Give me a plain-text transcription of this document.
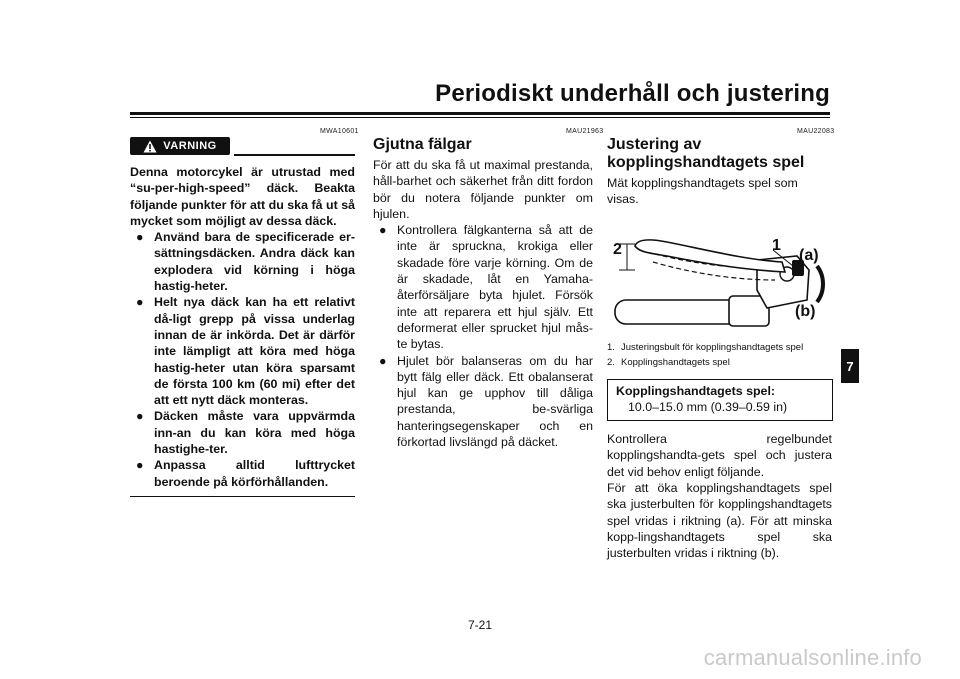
Periodiskt underhåll och justering
MWA10601
VARNING
Denna motorcykel är utrustad med “su-per-high-speed” däck. Beakta följande punkter för att du ska få ut så mycket som möjligt av dessa däck.
● Använd bara de specificerade er-sättningsdäcken. Andra däck kan explodera vid körning i höga hastig-heter.
● Helt nya däck kan ha ett relativt då-ligt grepp på vissa underlag innan de är inkörda. Det är därför inte lämpligt att köra med höga hastig-heter utan köra sparsamt de första 100 km (60 mi) efter det att ett nytt däck monteras.
● Däcken måste vara uppvärmda inn-an du kan köra med höga hastighe-ter.
● Anpassa alltid lufttrycket beroende på körförhållanden.
MAU21963
Gjutna fälgar
För att du ska få ut maximal prestanda, håll-barhet och säkerhet från ditt fordon bör du notera följande punkter om hjulen.
● Kontrollera fälgkanterna så att de inte är spruckna, krokiga eller skadade före varje körning. Om de är skadade, låt en Yamaha-återförsäljare byta hjulet. Försök inte att reparera ett hjul själv. Ett deformerat eller sprucket hjul mås-te bytas.
● Hjulet bör balanseras om du har bytt fälg eller däck. Ett obalanserat hjul kan ge upphov till dåliga prestanda, be-svärliga hanteringsegenskaper och en förkortad livslängd på däcket.
MAU22083
Justering av
kopplingshandtagets spel
Mät kopplingshandtagets spel som visas.
2	1
(a)
(b)
1. Justeringsbult för kopplingshandtagets spel
2. Kopplingshandtagets spel
Kopplingshandtagets spel:
10.0–15.0 mm (0.39–0.59 in)
Kontrollera regelbundet kopplingshandta-gets spel och justera det vid behov enligt följande.
För att öka kopplingshandtagets spel ska justerbulten för kopplingshandtagets spel vridas i riktning (a). För att minska kopp-lingshandtagets spel ska justerbulten vridas i riktning (b).
7
7-21
carmanualsonline.info
